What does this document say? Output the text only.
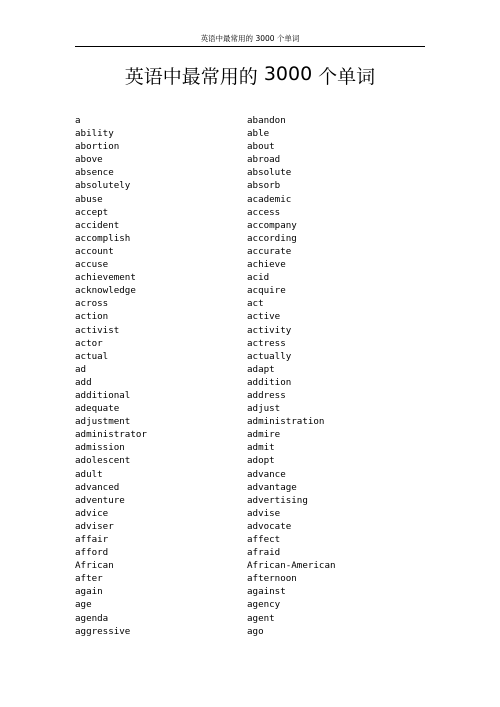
英语中最常用的 3000 个单词
英语中最常用的 3000 个单词
a
ability
abortion
above
absence
absolutely
abuse
accept
accident
accomplish
account
accuse
achievement
acknowledge
across
action
activist
actor
actual
ad
add
additional
adequate
adjustment
administrator
admission
adolescent
adult
advanced
adventure
advice
adviser
affair
afford
African
after
again
age
agenda
aggressive
abandon
able
about
abroad
absolute
absorb
academic
access
accompany
according
accurate
achieve
acid
acquire
act
active
activity
actress
actually
adapt
addition
address
adjust
administration
admire
admit
adopt
advance
advantage
advertising
advise
advocate
affect
afraid
African-American
afternoon
against
agency
agent
ago
